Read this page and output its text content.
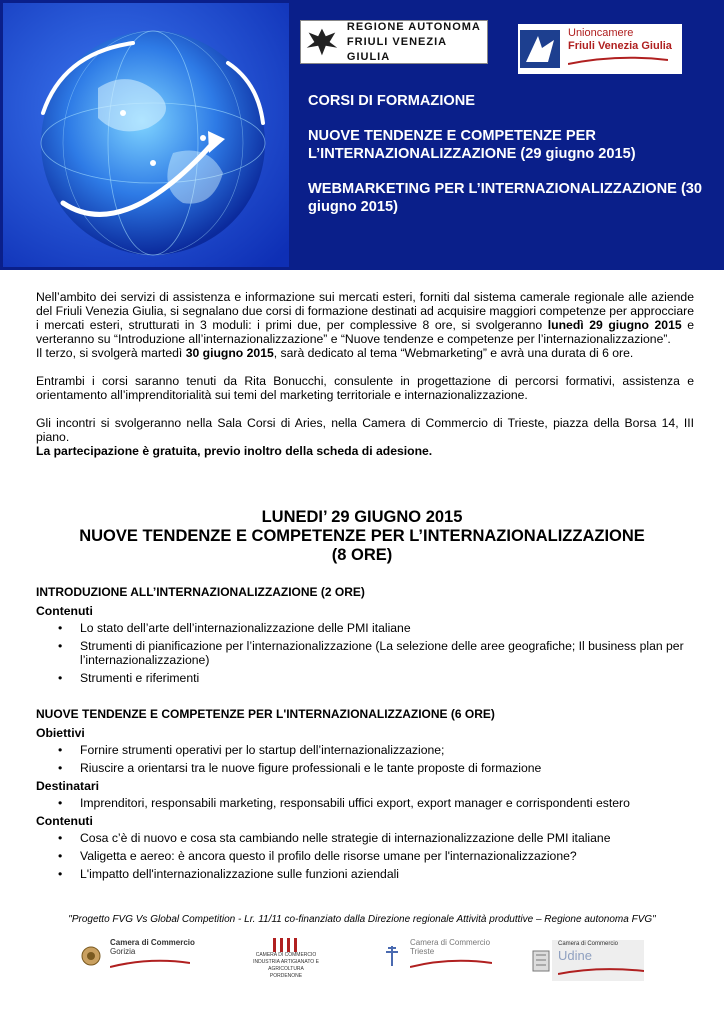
REGIONE AUTONOMA
FRIULI VENEZIA GIULIA
Unioncamere
Friuli Venezia Giulia

CORSI DI FORMAZIONE

NUOVE TENDENZE E COMPETENZE PER L’INTERNAZIONALIZZAZIONE (29 giugno 2015)

WEBMARKETING PER L’INTERNAZIONALIZZAZIONE (30 giugno 2015)

Nell’ambito dei servizi di assistenza e informazione sui mercati esteri, forniti dal sistema camerale regionale alle aziende del Friuli Venezia Giulia, si segnalano due corsi di formazione destinati ad acquisire maggiori competenze per approcciare i mercati esteri, strutturati in 3 moduli: i primi due, per complessive 8 ore, si svolgeranno lunedì 29 giugno 2015 e verteranno su “Introduzione all’internazionalizzazione” e “Nuove tendenze e competenze per l’internazionalizzazione”.
Il terzo, si svolgerà martedì 30 giugno 2015, sarà dedicato al tema “Webmarketing” e avrà una durata di 6 ore.

Entrambi i corsi saranno tenuti da Rita Bonucchi, consulente in progettazione di percorsi formativi, assistenza e orientamento all’imprenditorialità sui temi del marketing territoriale e internazionalizzazione.

Gli incontri si svolgeranno nella Sala Corsi di Aries, nella Camera di Commercio di Trieste, piazza della Borsa 14, III piano.

La partecipazione è gratuita, previo inoltro della scheda di adesione.

LUNEDI’ 29 GIUGNO 2015
NUOVE TENDENZE E COMPETENZE PER L’INTERNAZIONALIZZAZIONE
(8 ORE)

INTRODUZIONE ALL’INTERNAZIONALIZZAZIONE (2 ORE)

Contenuti

• Lo stato dell’arte dell’internazionalizzazione delle PMI italiane
• Strumenti di pianificazione per l’internazionalizzazione (La selezione delle aree geografiche; Il business plan per l’internazionalizzazione)
• Strumenti e riferimenti

NUOVE TENDENZE E COMPETENZE PER L'INTERNAZIONALIZZAZIONE (6 ORE)

Obiettivi

• Fornire strumenti operativi per lo startup dell’internazionalizzazione;
• Riuscire a orientarsi tra le nuove figure professionali e le tante proposte di formazione

Destinatari

• Imprenditori, responsabili marketing, responsabili uffici export, export manager e corrispondenti estero

Contenuti

• Cosa c’è di nuovo e cosa sta cambiando nelle strategie di internazionalizzazione delle PMI italiane
• Valigetta e aereo: è ancora questo il profilo delle risorse umane per l'internazionalizzazione?
• L'impatto dell'internazionalizzazione sulle funzioni aziendali
"Progetto FVG Vs Global Competition - Lr. 11/11 co-finanziato dalla Direzione regionale Attività produttive – Regione autonoma FVG"
Camera di Commercio
Gorizia	CAMERA DI COMMERCIO
INDUSTRIA ARTIGIANATO E AGRICOLTURA
PORDENONE
Camera di Commercio
Trieste
Camera di Commercio
Udine
